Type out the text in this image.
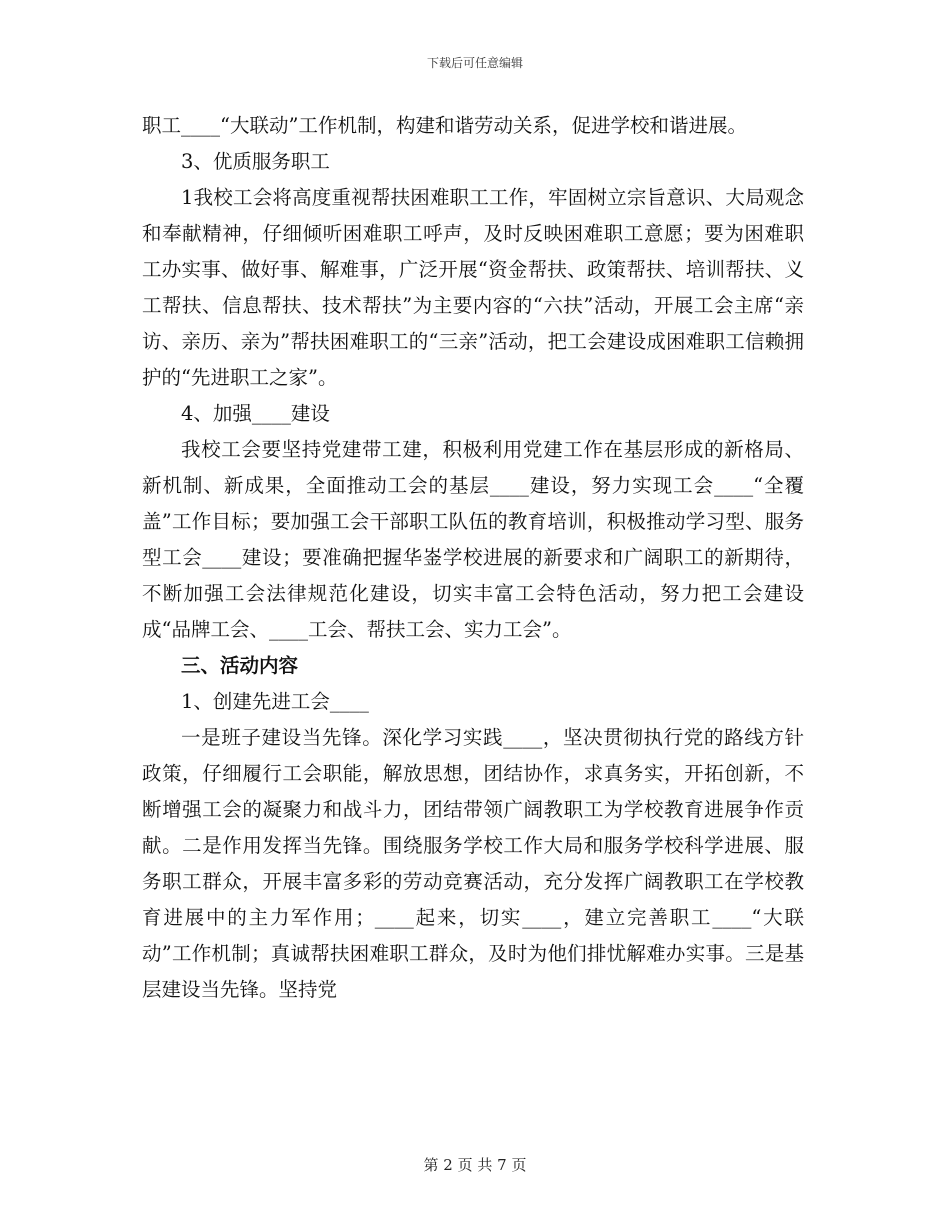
下载后可任意编辑

职工____“大联动”工作机制，构建和谐劳动关系，促进学校和谐进展。

3、优质服务职工

1我校工会将高度重视帮扶困难职工工作，牢固树立宗旨意识、大局观念和奉献精神，仔细倾听困难职工呼声，及时反映困难职工意愿；要为困难职工办实事、做好事、解难事，广泛开展“资金帮扶、政策帮扶、培训帮扶、义工帮扶、信息帮扶、技术帮扶”为主要内容的“六扶”活动，开展工会主席“亲访、亲历、亲为”帮扶困难职工的“三亲”活动，把工会建设成困难职工信赖拥护的“先进职工之家”。

4、加强____建设

我校工会要坚持党建带工建，积极利用党建工作在基层形成的新格局、新机制、新成果，全面推动工会的基层____建设，努力实现工会____“全覆盖”工作目标；要加强工会干部职工队伍的教育培训，积极推动学习型、服务型工会____建设；要准确把握华崟学校进展的新要求和广阔职工的新期待，不断加强工会法律规范化建设，切实丰富工会特色活动，努力把工会建设成“品牌工会、____工会、帮扶工会、实力工会”。

三、活动内容

1、创建先进工会____

一是班子建设当先锋。深化学习实践____，坚决贯彻执行党的路线方针政策，仔细履行工会职能，解放思想，团结协作，求真务实，开拓创新，不断增强工会的凝聚力和战斗力，团结带领广阔教职工为学校教育进展争作贡献。二是作用发挥当先锋。围绕服务学校工作大局和服务学校科学进展、服务职工群众，开展丰富多彩的劳动竞赛活动，充分发挥广阔教职工在学校教育进展中的主力军作用；____起来，切实____，建立完善职工____“大联动”工作机制；真诚帮扶困难职工群众，及时为他们排忧解难办实事。三是基层建设当先锋。坚持党

第 2 页 共 7 页
